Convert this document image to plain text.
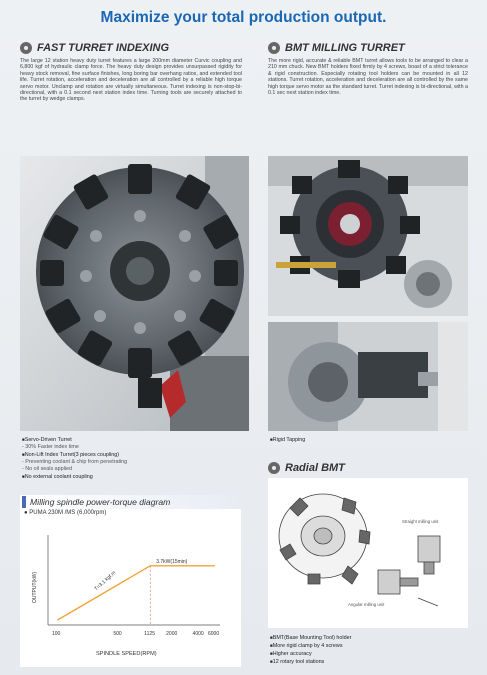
Maximize your total production output.
FAST TURRET INDEXING
The large 12 station heavy duty turret features a large 200mm diameter Curvic coupling and 6,800 kgf of hydraulic clamp force. The heavy duty design provides unsurpassed rigidity for heavy stock removal, fine surface finishes, long boring bar overhang ratios, and extended tool life. Turret rotation, acceleration and deceleration are all controlled by a reliable high torque servo motor. Unclamp and rotation are virtually simultaneous. Turret indexing is non-stop-bi-directional, with a 0.1 second next station index time. Turning tools are securely attached to the turret by wedge clamps.
BMT MILLING TURRET
The more rigid, accurate & reliable BMT turret allows tools to be arranged to clear a 210 mm chuck. New BMT holders fixed firmly by 4 screws, boast of a strict tolerance & rigid construction. Especially rotating tool holders can be mounted in all 12 stations. Turret rotation, acceleration and deceleration are all controlled by the same high torque servo motor as the standard turret. Turret indexing is bi-directional, with a 0.1 sec next station index time.
■ Servo-Driven Turret
- 30% Faster index time
■ Non-Lift Index Turret(3 pieces coupling)
- Preventing coolant & chip from penetrating
- No oil seals applied
■ No external coolant coupling
■ Rigid Tapping
Radial BMT
Straight milling unit
Angular milling unit
■ BMT(Base Mounting Tool) holder
■ More rigid clamp by 4 screws
■ Higher accuracy
■ 12 rotary tool stations
Milling spindle power-torque diagram
● PUMA 230M /MS (6,000rpm)
OUTPUT(kW)
SPINDLE SPEED(RPM)
100	500	1125 2000	4000 6000
3.7kW(15min)
T=3.1 kgf.m
